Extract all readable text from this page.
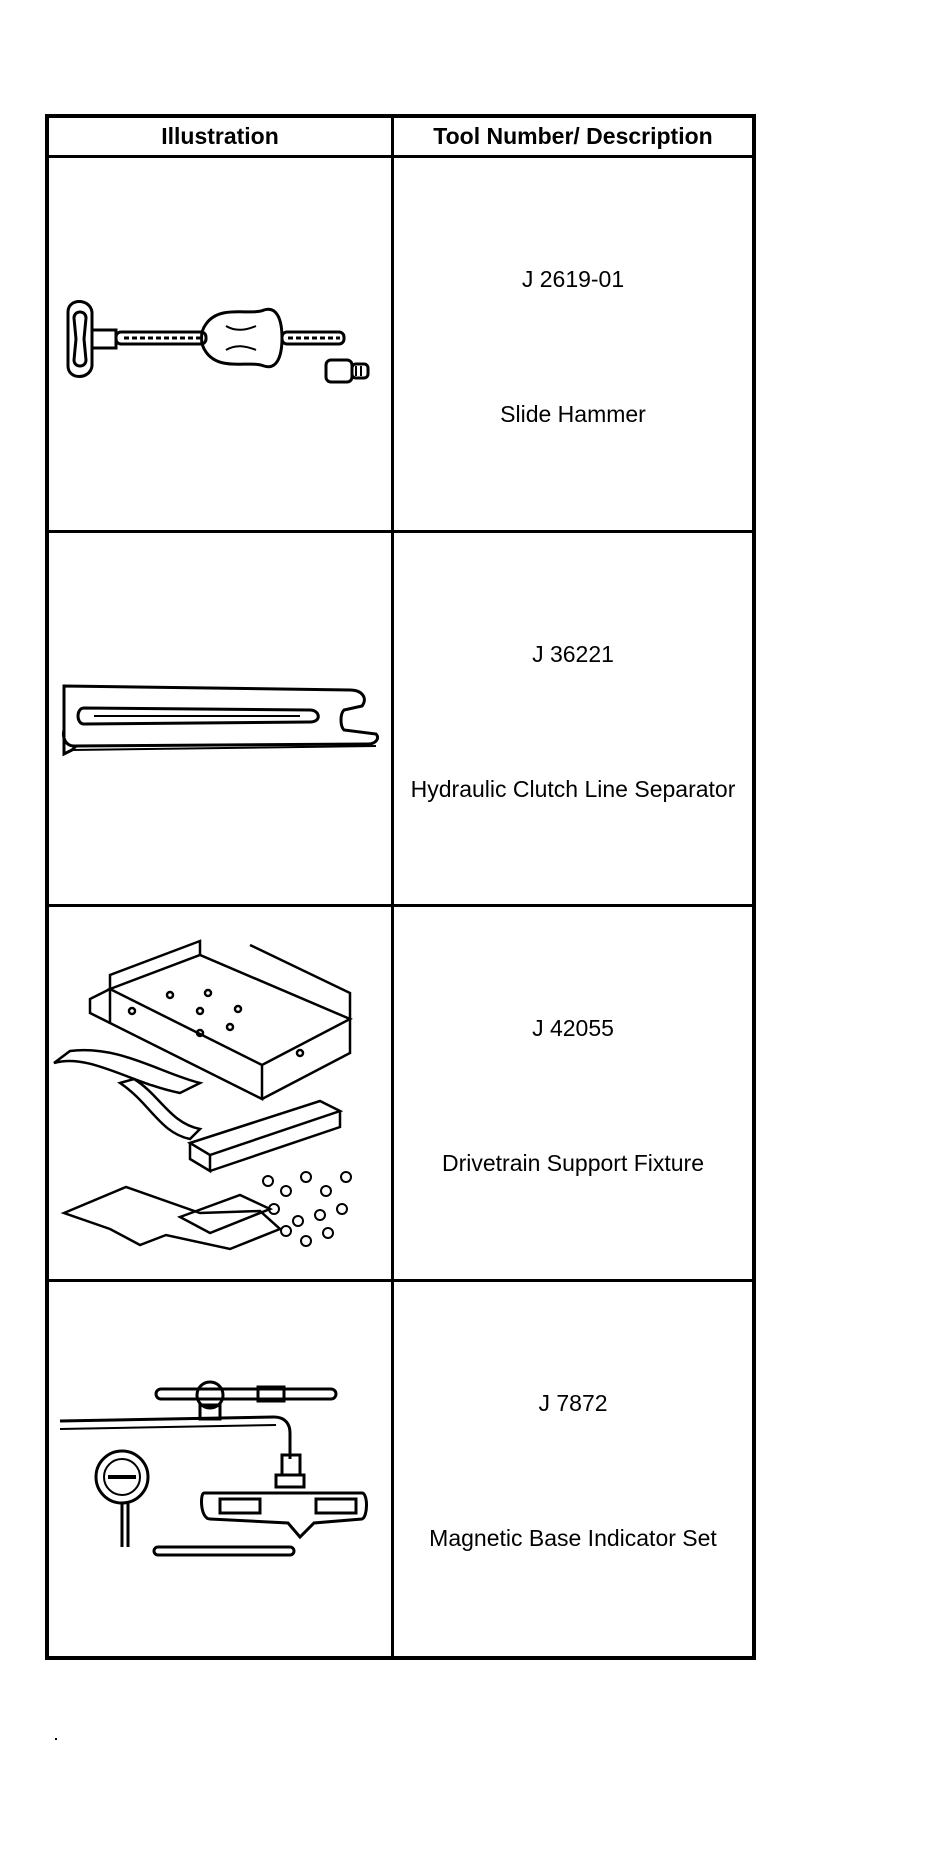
Illustration	Tool Number/ Description
J 2619-01
Slide Hammer
J 36221
Hydraulic Clutch Line Separator
J 42055
Drivetrain Support Fixture
J 7872
Magnetic Base Indicator Set
